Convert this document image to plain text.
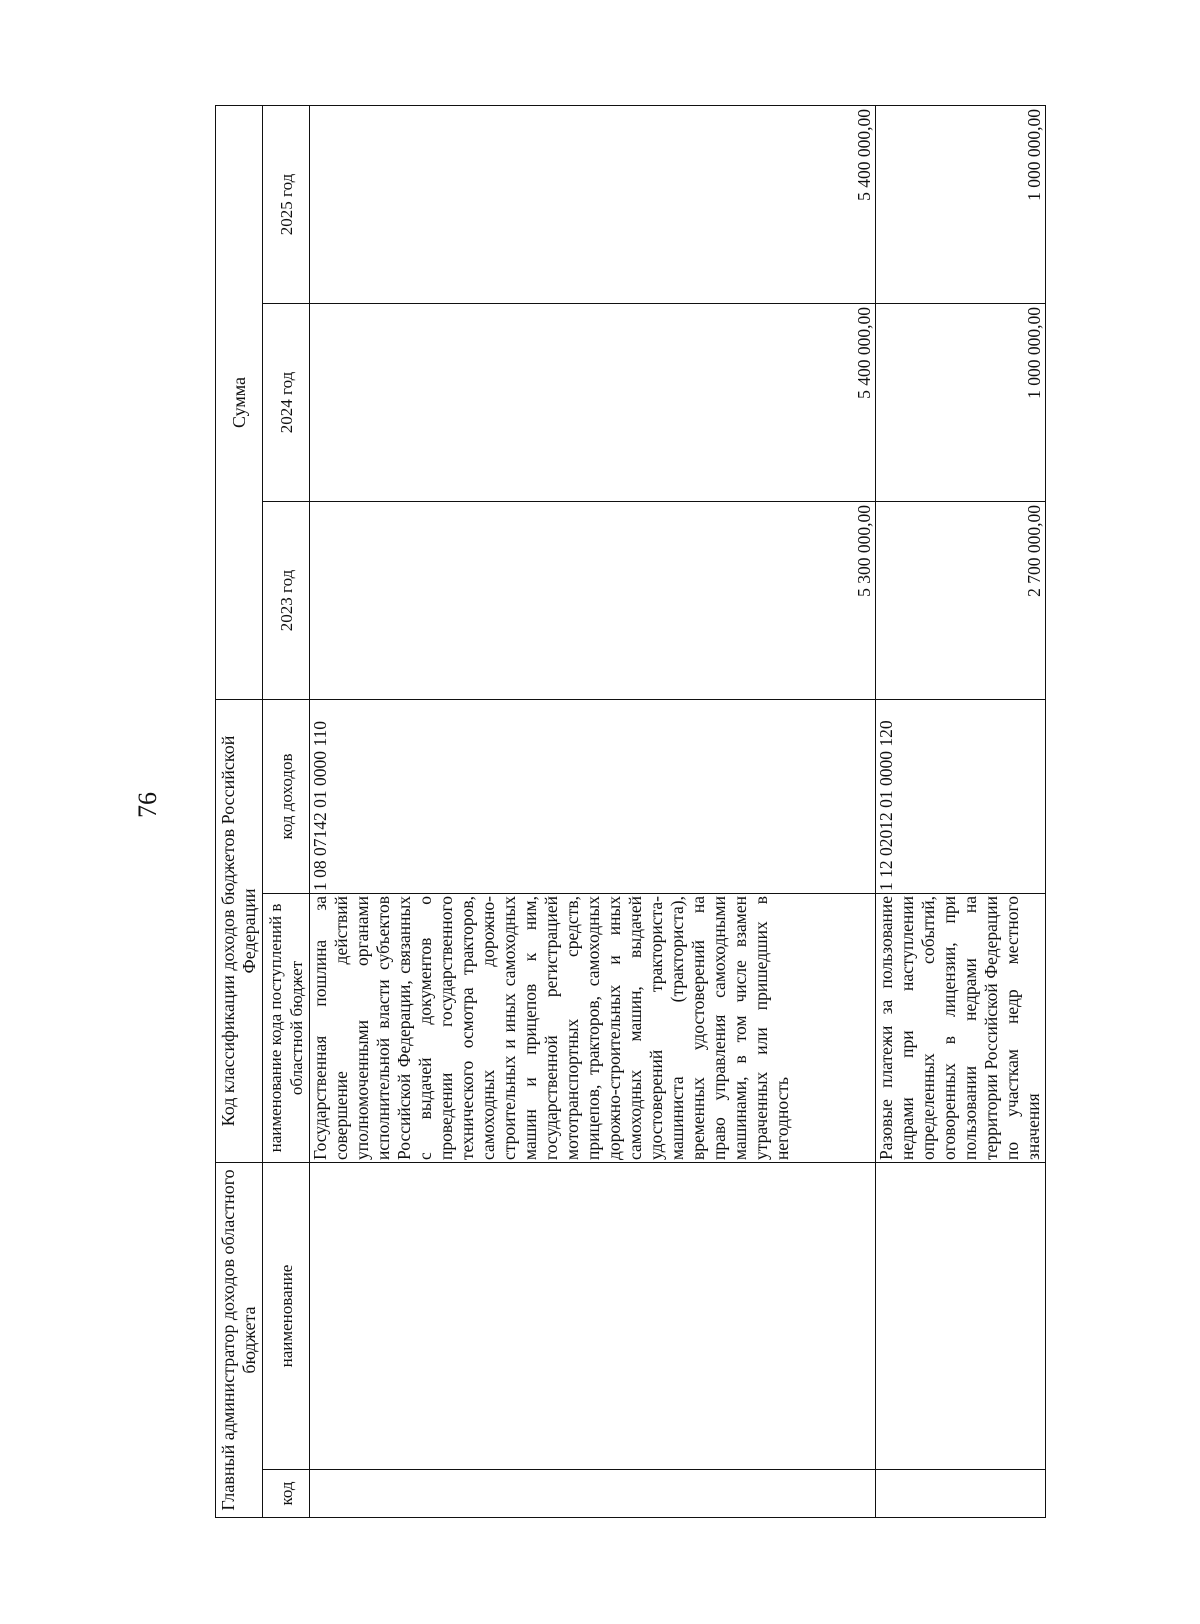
76
Главный администратор доходов областного бюджета		Код классификации доходов бюджетов Российской Федерации		Сумма		
код	наименование	наименование кода поступлений в областной бюджет	код доходов	2023 год	2024 год	2025 год
		Государственная пошлина за совершение действий уполномоченными органами исполнительной власти субъектов Российской Федерации, связанных с выдачей документов о проведении государственного технического осмотра тракторов, самоходных дорожно-строительных и иных самоходных машин и прицепов к ним, государственной регистрацией мототранспортных средств, прицепов, тракторов, самоходных дорожно-строительных и иных самоходных машин, выдачей удостоверений тракториста-машиниста (тракториста), временных удостоверений на право управления самоходными машинами, в том числе взамен утраченных или пришедших в негодность	1 08 07142 01 0000 110	5 300 000,00	5 400 000,00	5 400 000,00
		Разовые платежи за пользование недрами при наступлении определенных событий, оговоренных в лицензии, при пользовании недрами на территории Российской Федерации по участкам недр местного значения	1 12 02012 01 0000 120	2 700 000,00	1 000 000,00	1 000 000,00
